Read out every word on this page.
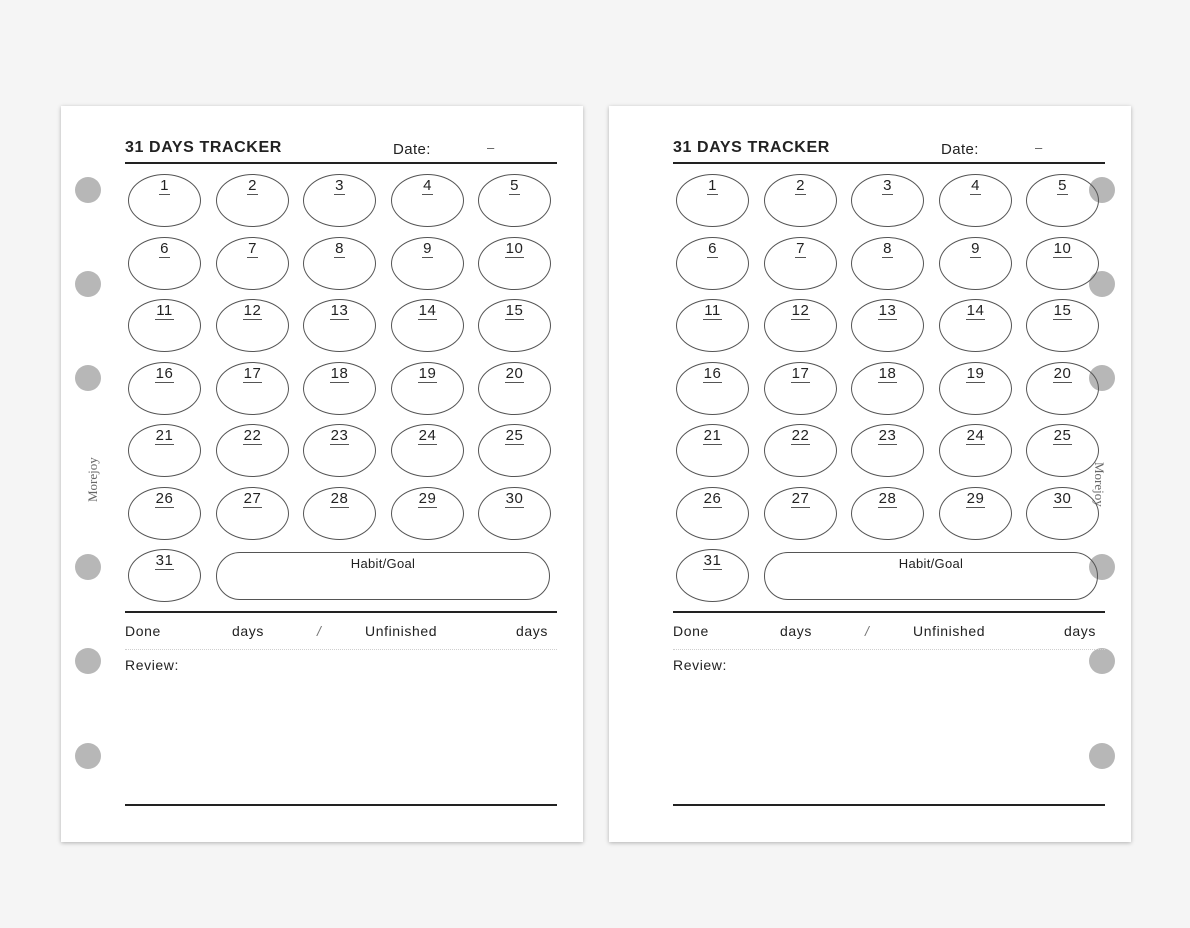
Morejoy
31 DAYS TRACKER	Date:	–
1	2	3	4	5
6	7	8	9	10
11	12	13	14	15
16	17	18	19	20
21	22	23	24	25
26	27	28	29	30
31	Habit/Goal
Done	days	/	Unfinished	days
Review:
Morejoy
31 DAYS TRACKER	Date:	–
1	2	3	4	5
6	7	8	9	10
11	12	13	14	15
16	17	18	19	20
21	22	23	24	25
26	27	28	29	30
31	Habit/Goal
Done	days	/	Unfinished	days
Review:
